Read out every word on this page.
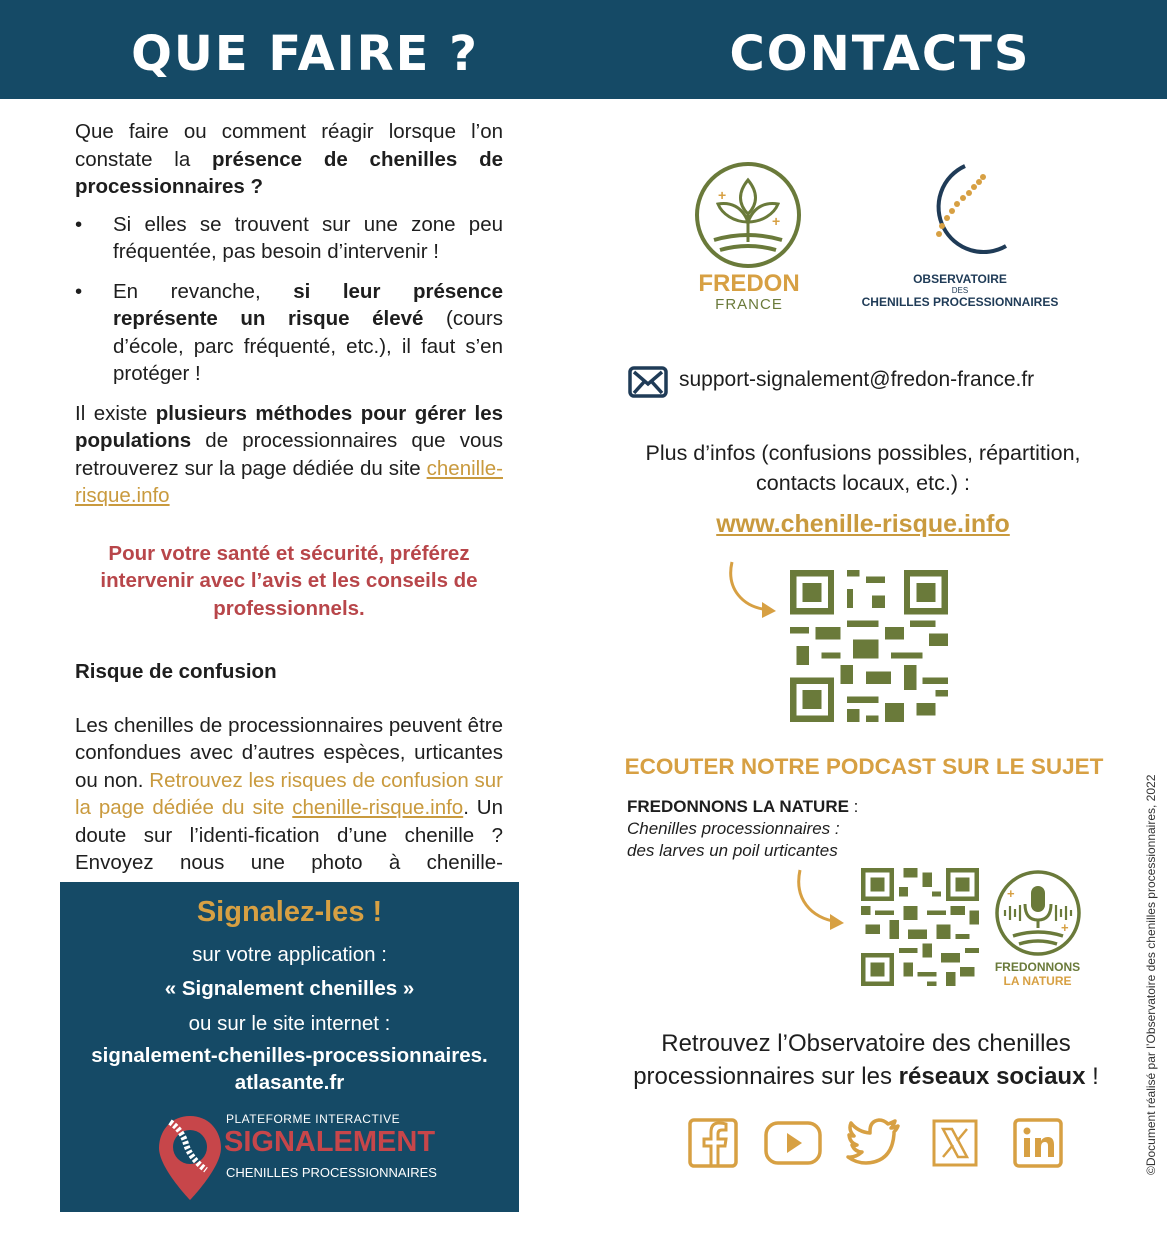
QUE FAIRE ?	CONTACTS

Que faire ou comment réagir lorsque l’on constate la présence de chenilles de processionnaires ?

• Si elles se trouvent sur une zone peu fréquentée, pas besoin d’intervenir !
• En revanche, si leur présence représente un risque élevé (cours d’école, parc fréquenté, etc.), il faut s’en protéger !

Il existe plusieurs méthodes pour gérer les populations de processionnaires que vous retrouverez sur la page dédiée du site chenille-risque.info

Pour votre santé et sécurité, préférez intervenir avec l’avis et les conseils de professionnels.

Risque de confusion

Les chenilles de processionnaires peuvent être confondues avec d’autres espèces, urticantes ou non. Retrouvez les risques de confusion sur la page dédiée du site chenille-risque.info. Un doute sur l’identi-fication d’une chenille ? Envoyez nous une photo à chenille-

Signalez-les !
sur votre application :
« Signalement chenilles »
ou sur le site internet :
signalement-chenilles-processionnaires.
atlasante.fr
PLATEFORME INTERACTIVE
SIGNALEMENT
CHENILLES PROCESSIONNAIRES
+
+
FREDON
FRANCE
OBSERVATOIRE
DES
CHENILLES PROCESSIONNAIRES
support-signalement@fredon-france.fr
Plus d’infos (confusions possibles, répartition, contacts locaux, etc.) :
www.chenille-risque.info
ECOUTER NOTRE PODCAST SUR LE SUJET
FREDONNONS LA NATURE :
Chenilles processionnaires :
des larves un poil urticantes
+
+
FREDONNONS
LA NATURE
Retrouvez l’Observatoire des chenilles processionnaires sur les réseaux sociaux !	©Document réalisé par l’Observatoire des chenilles processionnaires, 2022
